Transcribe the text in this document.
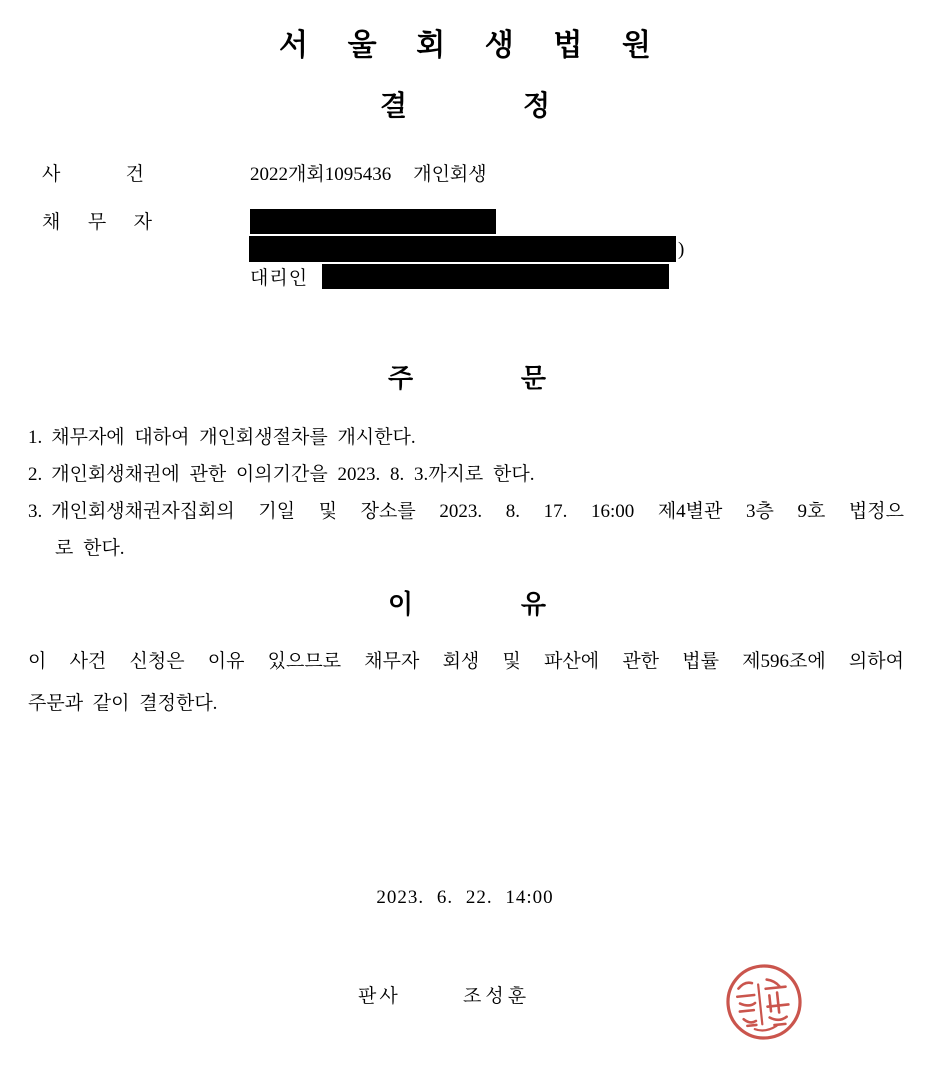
서 울 회 생 법 원
결	정
사	건	2022개회1095436 개인회생
채 무 자
)
대리인
주	문
1. 채무자에 대하여 개인회생절차를 개시한다.
2. 개인회생채권에 관한 이의기간을 2023. 8. 3.까지로 한다.
3. 개인회생채권자집회의 기일 및 장소를 2023. 8. 17. 16:00 제4별관 3층 9호 법정으
로 한다.
이	유
이 사건 신청은 이유 있으므로 채무자 회생 및 파산에 관한 법률 제596조에 의하여
주문과 같이 결정한다.
2023. 6. 22. 14:00
판사	조성훈
